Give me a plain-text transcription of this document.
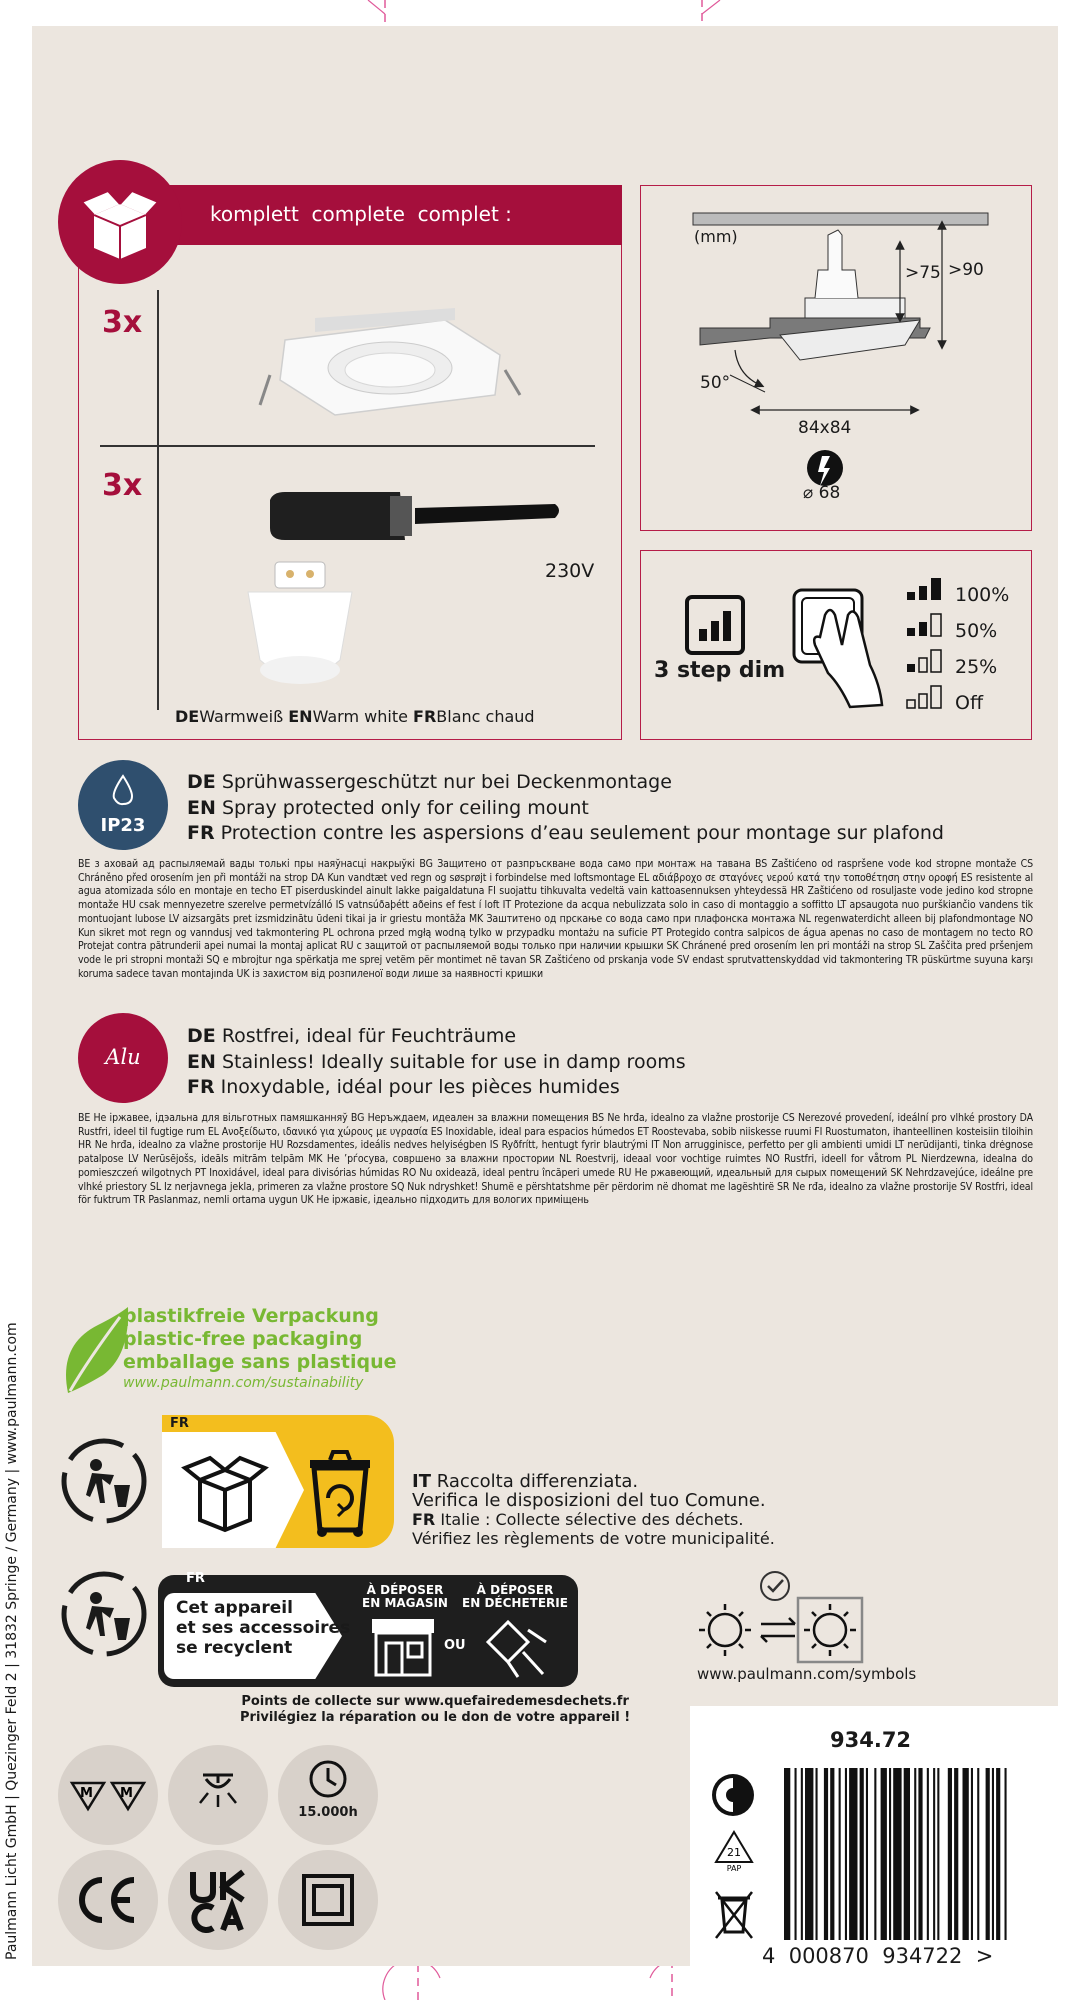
komplett  complete  complet :
3x
3x
230V
DEWarmweiß ENWarm white FRBlanc chaud
(mm)
>75 >90
50°
84x84
⌀ 68
3 step dim
100%
50%
25%
Off
IP23
DE Sprühwassergeschützt nur bei Deckenmontage
EN Spray protected only for ceiling mount
FR Protection contre les aspersions d’eau seulement pour montage sur plafond
BE з аховай ад распыляемай вады толькі пры наяўнасці накрыўкі BG Защитено от разпръскване вода само при монтаж на тавана BS Zaštićeno od raspršene vode kod stropne montaže CS Chráněno před orosením jen při montáži na strop DA Kun vandtæt ved regn og søsprøjt i forbindelse med loftsmontage EL αδιάβροχο σε σταγόνες νερού κατά την τοποθέτηση στην οροφή ES resistente al agua atomizada sólo en montaje en techo ET piserduskindel ainult lakke paigaldatuna FI suojattu tihkuvalta vedeltä vain kattoasennuksen yhteydessä HR Zaštićeno od rosuljaste vode jedino kod stropne montaže HU csak mennyezetre szerelve permetvízálló IS vatnsúðaþétt aðeins ef fest í loft IT Protezione da acqua nebulizzata solo in caso di montaggio a soffitto LT apsaugota nuo purškiančio vandens tik montuojant lubose LV aizsargāts pret izsmidzinātu ūdeni tikai ja ir griestu montāža MK Заштитено од прскање со вода само при плафонска монтажа NL regenwaterdicht alleen bij plafondmontage NO Kun sikret mot regn og vanndusj ved takmontering PL ochrona przed mgłą wodną tylko w przypadku montażu na suficie PT Protegido contra salpicos de água apenas no caso de montagem no tecto RO Protejat contra pătrunderii apei numai la montaj aplicat RU с защитой от распыляемой воды только при наличии крышки SK Chránené pred orosením len pri montáži na strop SL Zaščita pred pršenjem vode le pri stropni montaži SQ e mbrojtur nga spërkatja me sprej vetëm për montimet në tavan SR Zaštićeno od prskanja vode SV endast sprutvattenskyddad vid takmontering TR püskürtme suyuna karşı koruma sadece tavan montajında UK із захистом від розпиленої води лише за наявності кришки
Alu
DE Rostfrei, ideal für Feuchträume
EN Stainless! Ideally suitable for use in damp rooms
FR Inoxydable, idéal pour les pièces humides
BE Не іржавее, ідэальна для вільготных памяшканняў BG Неръждаем, идеален за влажни помещения BS Ne hrđa, idealno za vlažne prostorije CS Nerezové provedení, ideální pro vlhké prostory DA Rustfri, ideel til fugtige rum EL Ανοξείδωτο, ιδανικό για χώρους με υγρασία ES Inoxidable, ideal para espacios húmedos ET Roostevaba, sobib niiskesse ruumi FI Ruostumaton, ihanteellinen kosteisiin tiloihin HR Ne hrđa, idealno za vlažne prostorije HU Rozsdamentes, ideális nedves helyiségben IS Ryðfrítt, hentugt fyrir blautrými IT Non arrugginisce, perfetto per gli ambienti umidi LT nerūdijanti, tinka drėgnose patalpose LV Nerūsējošs, ideāls mitrām telpām MK Не ’рѓосува, совршено за влажни простории NL Roestvrij, ideaal voor vochtige ruimtes NO Rustfri, ideell for våtrom PL Nierdzewna, idealna do pomieszczeń wilgotnych PT Inoxidável, ideal para divisórias húmidas RO Nu oxidează, ideal pentru încăperi umede RU Не ржавеющий, идеальный для сырых помещений SK Nehrdzavejúce, ideálne pre vlhké priestory SL Iz nerjavnega jekla, primeren za vlažne prostore SQ Nuk ndryshket! Shumë e përshtatshme për përdorim në dhomat me lagështirë SR Ne rđa, idealno za vlažne prostorije SV Rostfri, ideal för fuktrum TR Paslanmaz, nemli ortama uygun UK Не іржавіє, ідеально підходить для вологих приміщень
plastikfreie Verpackung
plastic-free packaging
emballage sans plastique
www.paulmann.com/sustainability
FR
IT Raccolta differenziata.
Verifica le disposizioni del tuo Comune.
FR Italie : Collecte sélective des déchets.
Vérifiez les règlements de votre municipalité.
FR
Cet appareil
et ses accessoires
se recyclent
À DÉPOSER
EN MAGASIN
OU
À DÉPOSER
EN DÉCHETERIE
Points de collecte sur www.quefairedemesdechets.fr
Privilégiez la réparation ou le don de votre appareil !
www.paulmann.com/symbols
M M
15.000h
934.72
21
PAP
4  000870  934722  >
Paulmann Licht GmbH | Quezinger Feld 2 | 31832 Springe / Germany | www.paulmann.com
